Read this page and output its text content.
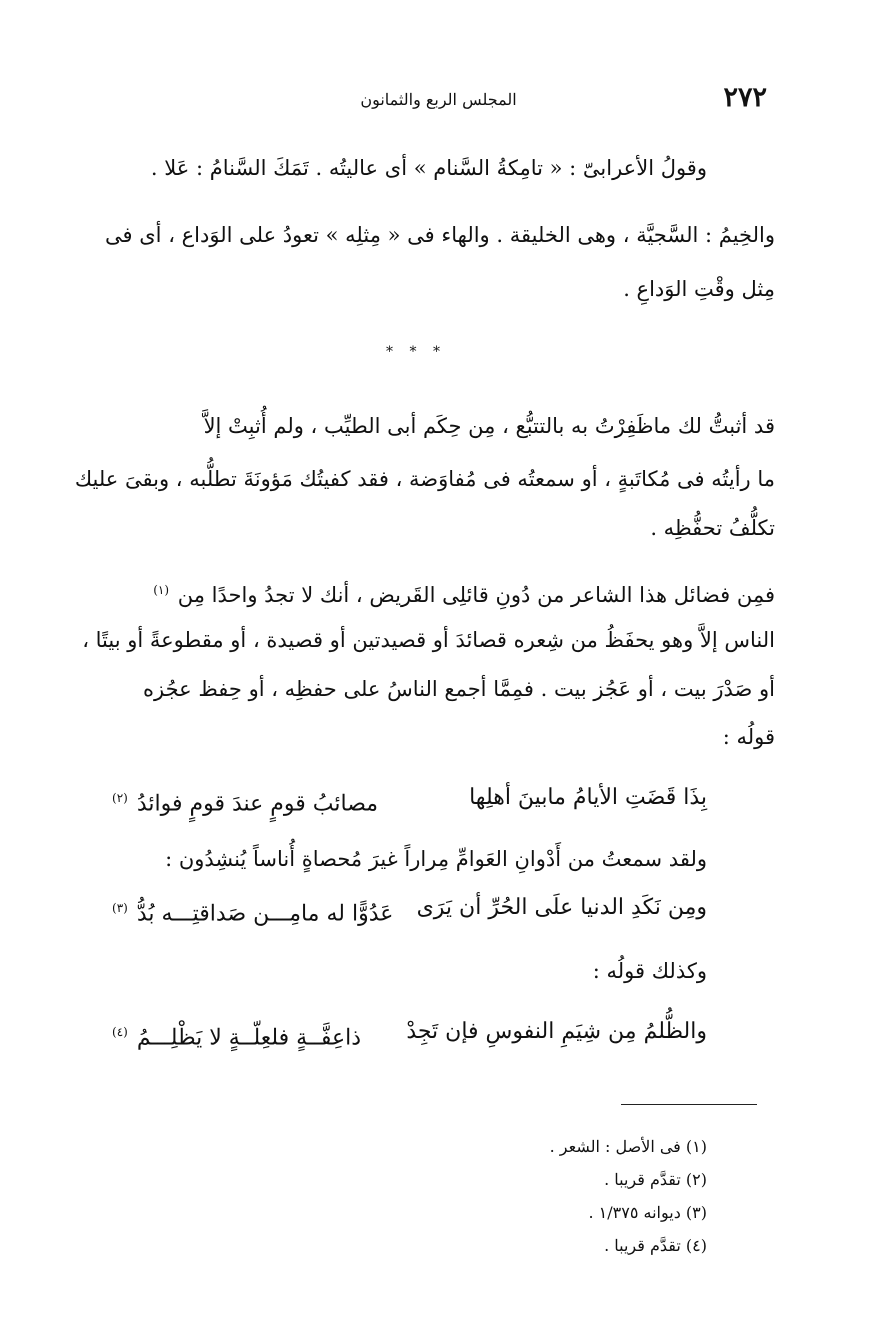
٢٧٢
المجلس الربع والثمانون
وقولُ الأعرابىّ : « تامِكةُ السَّنام » أى عاليتُه . تَمَكَ السَّنامُ : عَلا .
والخِيمُ : السَّجيَّة ، وهى الخليقة . والهاء فى « مِثلِه » تعودُ على الوَداع ، أى فى
مِثل وقْتِ الوَداعِ .
* * *
قد أثبتُّ لك ماظَفِرْتُ به بالتتبُّع ، مِن حِكَم أبى الطيِّب ، ولم أُثبِتْ إلاَّ
ما رأيتُه فى مُكاتَبةٍ ، أو سمعتُه فى مُفاوَضة ، فقد كفيتُك مَؤونَةَ تطلُّبه ، وبقىَ عليك
تكلُّفُ تحفُّظِه .
فمِن فضائل هذا الشاعر من دُونِ قائلِى القَريض ، أنك لا تجدُ واحدًا مِن $^{(١)}$
الناس إلاَّ وهو يحفَظُ من شِعره قصائدَ أو قصيدتين أو قصيدة ، أو مقطوعةً أو بيتًا ،
أو صَدْرَ بيت ، أو عَجُز بيت . فمِمَّا أجمع الناسُ على حفظِه ، أو حِفظ عجُزه
قولُه :
بِذَا قَضَتِ الأيامُ مابينَ أهلِها
مصائبُ قومٍ عندَ قومٍ فوائدُ $^{(٢)}$
ولقد سمعتُ من أَدْوانِ العَوامِّ مِراراً غيرَ مُحصاةٍ أُناساً يُنشِدُون :
ومِن نَكَدِ الدنيا علَى الحُرِّ أن يَرَى
عَدُوًّا له مامِـــن صَداقتِـــه بُدُّ $^{(٣)}$
وكذلك قولُه :
والظُّلمُ مِن شِيَمِ النفوسِ فإن تَجِدْ
ذاعِفَّــةٍ فلعِلّــةٍ لا يَظْلِـــمُ $^{(٤)}$
(١) فى الأصل : الشعر .
(٢) تقدَّم قريبا .
(٣) ديوانه ١/٣٧٥ .
(٤) تقدَّم قريبا .
